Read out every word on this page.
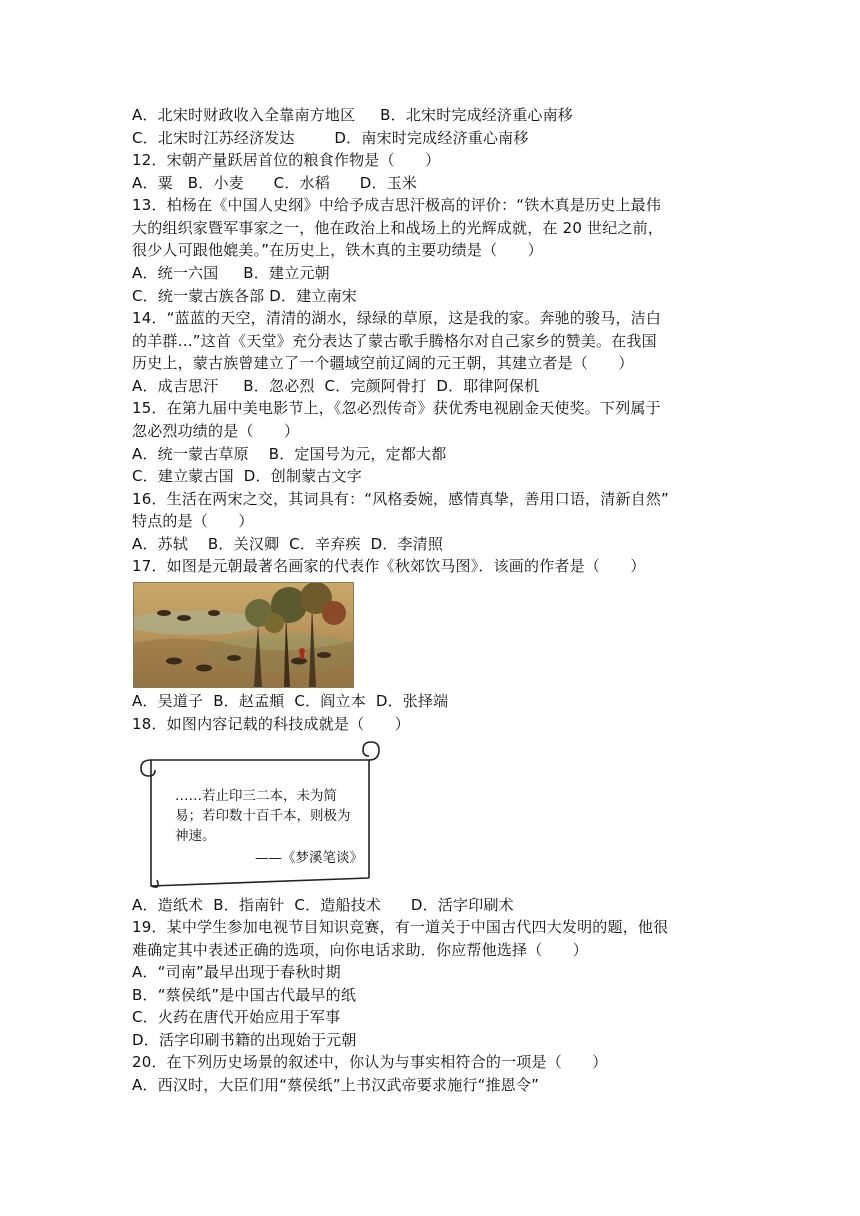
A．北宋时财政收入全靠南方地区     B．北宋时完成经济重心南移
C．北宋时江苏经济发达        D．南宋时完成经济重心南移
12．宋朝产量跃居首位的粮食作物是（　　）
A．粟   B．小麦      C．水稻      D．玉米
13．柏杨在《中国人史纲》中给予成吉思汗极高的评价：“铁木真是历史上最伟
大的组织家暨军事家之一，他在政治上和战场上的光辉成就，在 20 世纪之前，
很少人可跟他媲美。”在历史上，铁木真的主要功绩是（　　）
A．统一六国     B．建立元朝
C．统一蒙古族各部 D．建立南宋
14．“蓝蓝的天空，清清的湖水，绿绿的草原，这是我的家。奔驰的骏马，洁白
的羊群…”这首《天堂》充分表达了蒙古歌手腾格尔对自己家乡的赞美。在我国
历史上，蒙古族曾建立了一个疆域空前辽阔的元王朝，其建立者是（　　）
A．成吉思汗     B．忽必烈  C．完颜阿骨打  D．耶律阿保机
15．在第九届中美电影节上，《忽必烈传奇》获优秀电视剧金天使奖。下列属于
忽必烈功绩的是（　　）
A．统一蒙古草原    B．定国号为元，定都大都
C．建立蒙古国  D．创制蒙古文字
16．生活在两宋之交，其词具有：“风格委婉，感情真挚，善用口语，清新自然”
特点的是（　　）
A．苏轼    B．关汉卿  C．辛弃疾  D．李清照
17．如图是元朝最著名画家的代表作《秋郊饮马图》．该画的作者是（　　）
A．吴道子  B．赵孟頫  C．阎立本  D．张择端
18．如图内容记载的科技成就是（　　）
……若止印三二本，未为简
易；若印数十百千本，则极为
神速。
——《梦溪笔谈》
A．造纸术  B．指南针  C．造船技术      D．活字印刷术
19．某中学生参加电视节目知识竞赛，有一道关于中国古代四大发明的题，他很
难确定其中表述正确的选项，向你电话求助．你应帮他选择（　　）
A．“司南”最早出现于春秋时期
B．“蔡侯纸”是中国古代最早的纸
C．火药在唐代开始应用于军事
D．活字印刷书籍的出现始于元朝
20．在下列历史场景的叙述中，你认为与事实相符合的一项是（　　）
A．西汉时，大臣们用“蔡侯纸”上书汉武帝要求施行“推恩令”
